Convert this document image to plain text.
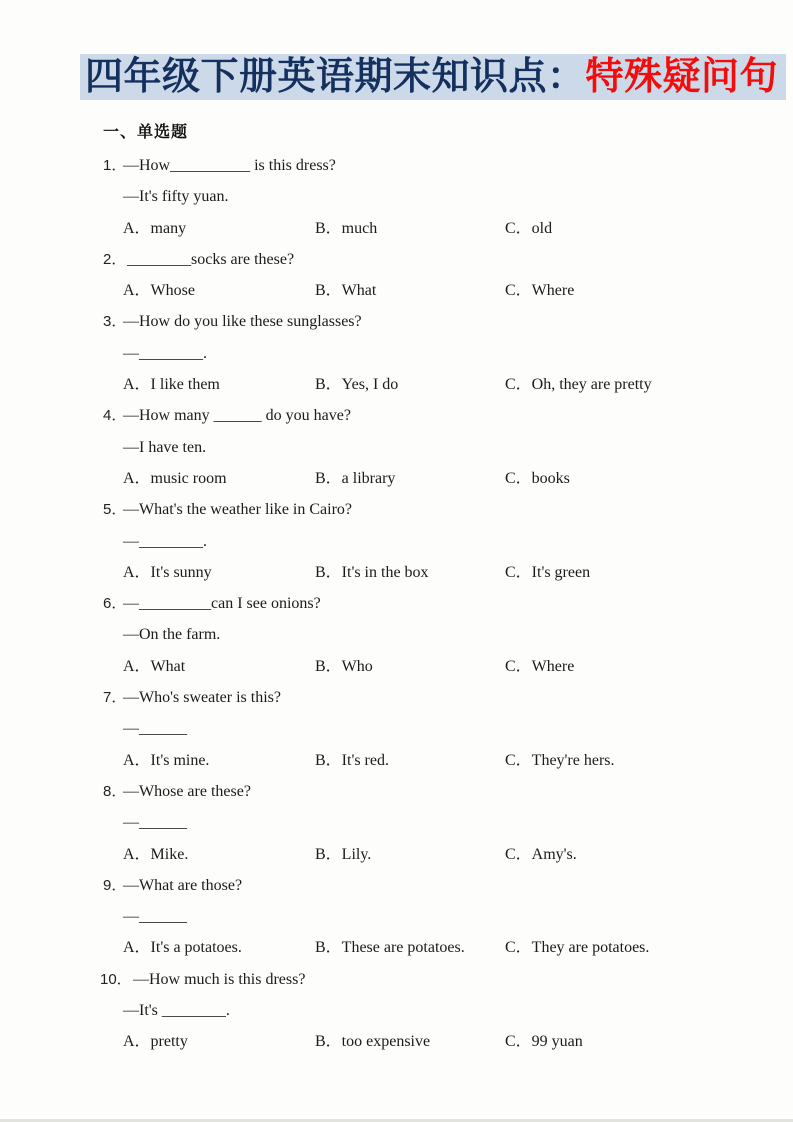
四年级下册英语期末知识点：特殊疑问句
一、单选题
1．—How__________ is this dress?
—It's fifty yuan.
A．many	B．much	C．old
2． ________socks are these?
A．Whose	B．What	C．Where
3．—How do you like these sunglasses?
—________.
A．I like them	B．Yes, I do	C．Oh, they are pretty
4．—How many ______ do you have?
—I have ten.
A．music room	B．a library	C．books
5．—What's the weather like in Cairo?
—________.
A．It's sunny	B．It's in the box	C．It's green
6．—_________can I see onions?
—On the farm.
A．What	B．Who	C．Where
7．—Who's sweater is this?
—______
A．It's mine.	B．It's red.	C．They're hers.
8．—Whose are these?
—______
A．Mike.	B．Lily.	C．Amy's.
9．—What are those?
—______
A．It's a potatoes.	B．These are potatoes.	C．They are potatoes.
10．—How much is this dress?
—It's ________.
A．pretty	B．too expensive	C．99 yuan
